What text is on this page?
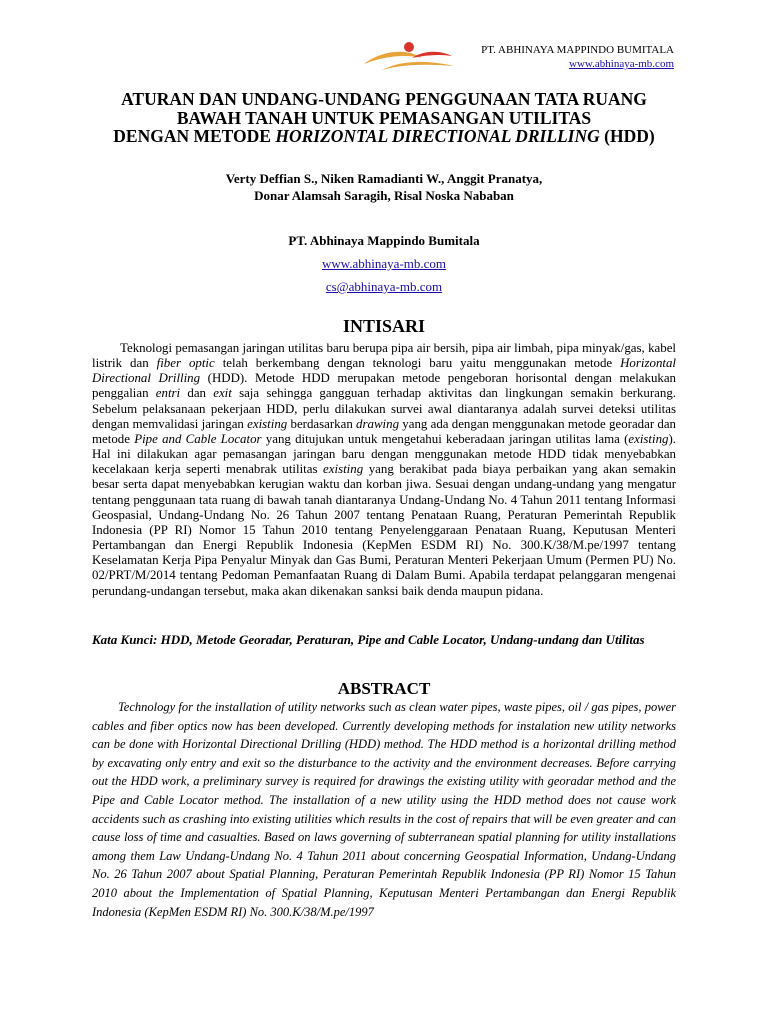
PT. ABHINAYA MAPPINDO BUMITALA
www.abhinaya-mb.com
ATURAN DAN UNDANG-UNDANG PENGGUNAAN TATA RUANG
BAWAH TANAH UNTUK PEMASANGAN UTILITAS
DENGAN METODE HORIZONTAL DIRECTIONAL DRILLING (HDD)
Verty Deffian S., Niken Ramadianti W., Anggit Pranatya,
Donar Alamsah Saragih, Risal Noska Nababan
PT. Abhinaya Mappindo Bumitala
www.abhinaya-mb.com
cs@abhinaya-mb.com
INTISARI

Teknologi pemasangan jaringan utilitas baru berupa pipa air bersih, pipa air limbah, pipa minyak/gas, kabel listrik dan fiber optic telah berkembang dengan teknologi baru yaitu menggunakan metode Horizontal Directional Drilling (HDD). Metode HDD merupakan metode pengeboran horisontal dengan melakukan penggalian entri dan exit saja sehingga gangguan terhadap aktivitas dan lingkungan semakin berkurang. Sebelum pelaksanaan pekerjaan HDD, perlu dilakukan survei awal diantaranya adalah survei deteksi utilitas dengan memvalidasi jaringan existing berdasarkan drawing yang ada dengan menggunakan metode georadar dan metode Pipe and Cable Locator yang ditujukan untuk mengetahui keberadaan jaringan utilitas lama (existing). Hal ini dilakukan agar pemasangan jaringan baru dengan menggunakan metode HDD tidak menyebabkan kecelakaan kerja seperti menabrak utilitas existing yang berakibat pada biaya perbaikan yang akan semakin besar serta dapat menyebabkan kerugian waktu dan korban jiwa. Sesuai dengan undang-undang yang mengatur tentang penggunaan tata ruang di bawah tanah diantaranya Undang-Undang No. 4 Tahun 2011 tentang Informasi Geospasial, Undang-Undang No. 26 Tahun 2007 tentang Penataan Ruang, Peraturan Pemerintah Republik Indonesia (PP RI) Nomor 15 Tahun 2010 tentang Penyelenggaraan Penataan Ruang, Keputusan Menteri Pertambangan dan Energi Republik Indonesia (KepMen ESDM RI) No. 300.K/38/M.pe/1997 tentang Keselamatan Kerja Pipa Penyalur Minyak dan Gas Bumi, Peraturan Menteri Pekerjaan Umum (Permen PU) No. 02/PRT/M/2014 tentang Pedoman Pemanfaatan Ruang di Dalam Bumi. Apabila terdapat pelanggaran mengenai perundang-undangan tersebut, maka akan dikenakan sanksi baik denda maupun pidana.

Kata Kunci: HDD, Metode Georadar, Peraturan, Pipe and Cable Locator, Undang-undang dan Utilitas
ABSTRACT

Technology for the installation of utility networks such as clean water pipes, waste pipes, oil / gas pipes, power cables and fiber optics now has been developed. Currently developing methods for instalation new utility networks can be done with Horizontal Directional Drilling (HDD) method. The HDD method is a horizontal drilling method by excavating only entry and exit so the disturbance to the activity and the environment decreases. Before carrying out the HDD work, a preliminary survey is required for drawings the existing utility with georadar method and the Pipe and Cable Locator method. The installation of a new utility using the HDD method does not cause work accidents such as crashing into existing utilities which results in the cost of repairs that will be even greater and can cause loss of time and casualties. Based on laws governing of subterranean spatial planning for utility installations among them Law Undang-Undang No. 4 Tahun 2011 about concerning Geospatial Information, Undang-Undang No. 26 Tahun 2007 about Spatial Planning, Peraturan Pemerintah Republik Indonesia (PP RI) Nomor 15 Tahun 2010 about the Implementation of Spatial Planning, Keputusan Menteri Pertambangan dan Energi Republik Indonesia (KepMen ESDM RI) No. 300.K/38/M.pe/1997
